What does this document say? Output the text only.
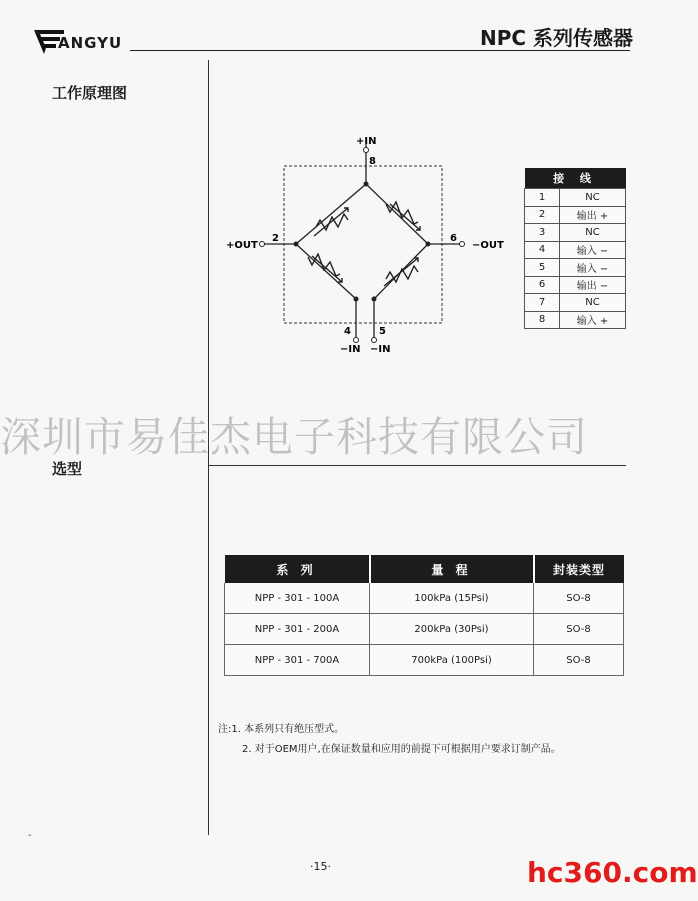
ANGYU	NPC 系列传感器
工作原理图
+IN
8
+OUT
2
−OUT
6
4	5
−IN −IN
接 线	
1	NC
2	输出 +
3	NC
4	输入 −
5	输入 −
6	输出 −
7	NC
8	输入 +
深圳市易佳杰电子科技有限公司
选型
系 列	量 程	封装类型
NPP - 301 - 100A	100kPa (15Psi)	SO-8
NPP - 301 - 200A	200kPa (30Psi)	SO-8
NPP - 301 - 700A	700kPa (100Psi)	SO-8
注:1. 本系列只有绝压型式。
2. 对于OEM用户,在保证数量和应用的前提下可根据用户要求订制产品。
-
·15·	hc360.com
